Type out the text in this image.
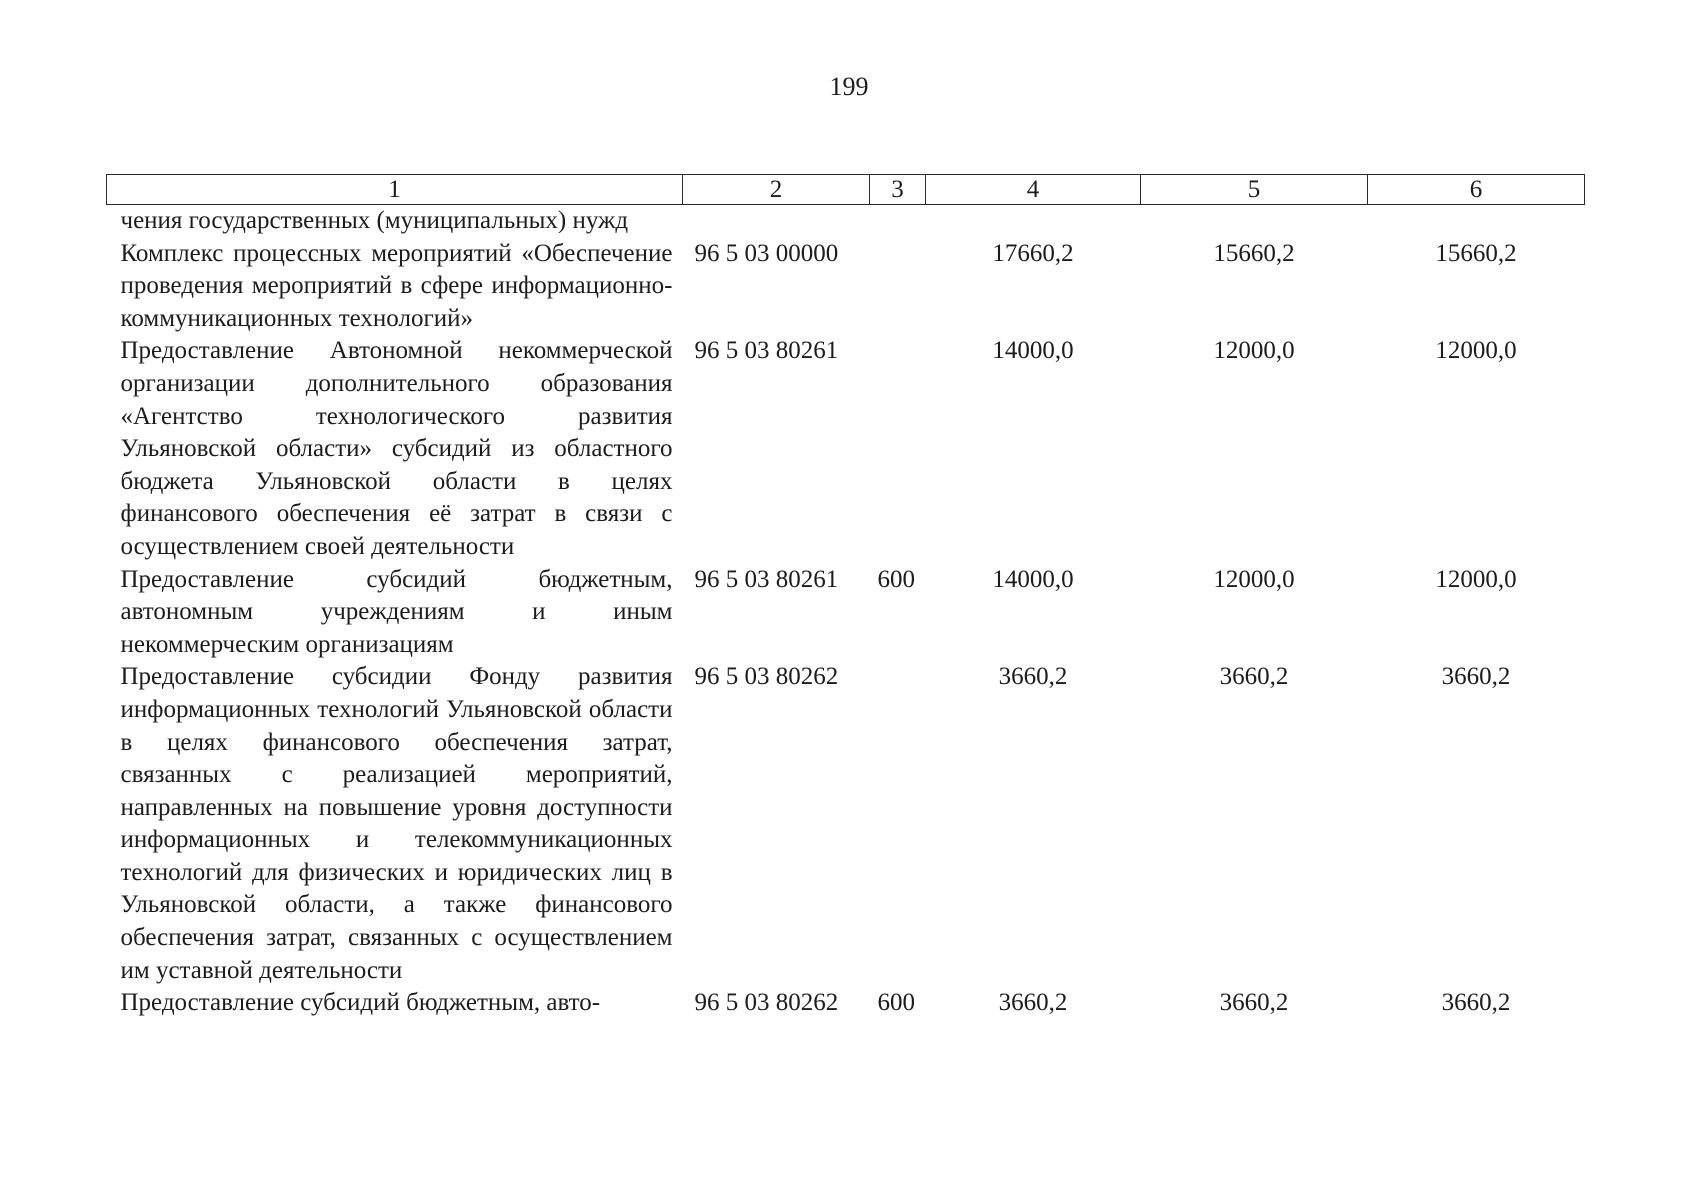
199
1	2	3	4	5	6
чения государственных (муниципальных) нужд					
Комплекс процессных мероприятий «Обеспечение проведения мероприятий в сфере информационно-коммуникационных технологий»	96 5 03 00000		17660,2	15660,2	15660,2
Предоставление Автономной некоммерческой организации дополнительного образования «Агентство технологического развития Ульяновской области» субсидий из областного бюджета Ульяновской области в целях финансового обеспечения её затрат в связи с осуществлением своей деятельности	96 5 03 80261		14000,0	12000,0	12000,0
Предоставление субсидий бюджетным, автономным учреждениям и иным некоммерческим организациям	96 5 03 80261	600	14000,0	12000,0	12000,0
Предоставление субсидии Фонду развития информационных технологий Ульяновской области в целях финансового обеспечения затрат, связанных с реализацией мероприятий, направленных на повышение уровня доступности информационных и телекоммуникационных технологий для физических и юридических лиц в Ульяновской области, а также финансового обеспечения затрат, связанных с осуществлением им уставной деятельности	96 5 03 80262		3660,2	3660,2	3660,2
Предоставление субсидий бюджетным, авто-	96 5 03 80262	600	3660,2	3660,2	3660,2
